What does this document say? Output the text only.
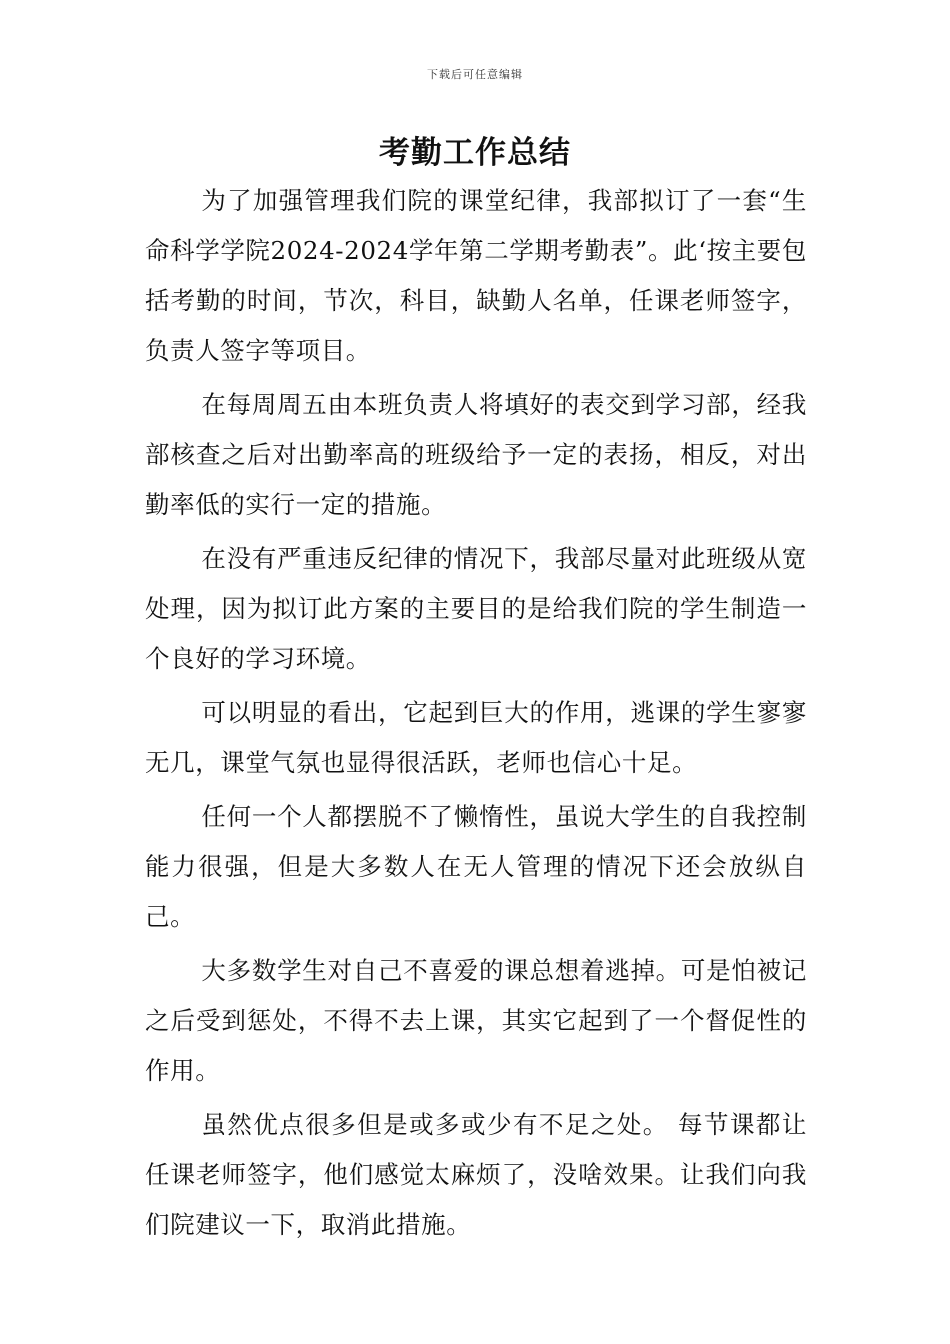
下载后可任意编辑
考勤工作总结

为了加强管理我们院的课堂纪律，我部拟订了一套“生命科学学院2024-2024学年第二学期考勤表”。此‘按主要包括考勤的时间，节次，科目，缺勤人名单，任课老师签字，负责人签字等项目。

在每周周五由本班负责人将填好的表交到学习部，经我部核查之后对出勤率高的班级给予一定的表扬，相反，对出勤率低的实行一定的措施。

在没有严重违反纪律的情况下，我部尽量对此班级从宽处理，因为拟订此方案的主要目的是给我们院的学生制造一个良好的学习环境。

可以明显的看出，它起到巨大的作用，逃课的学生寥寥无几，课堂气氛也显得很活跃，老师也信心十足。

任何一个人都摆脱不了懒惰性，虽说大学生的自我控制能力很强，但是大多数人在无人管理的情况下还会放纵自己。

大多数学生对自己不喜爱的课总想着逃掉。可是怕被记之后受到惩处，不得不去上课，其实它起到了一个督促性的作用。

虽然优点很多但是或多或少有不足之处。 每节课都让任课老师签字，他们感觉太麻烦了，没啥效果。让我们向我们院建议一下，取消此措施。
